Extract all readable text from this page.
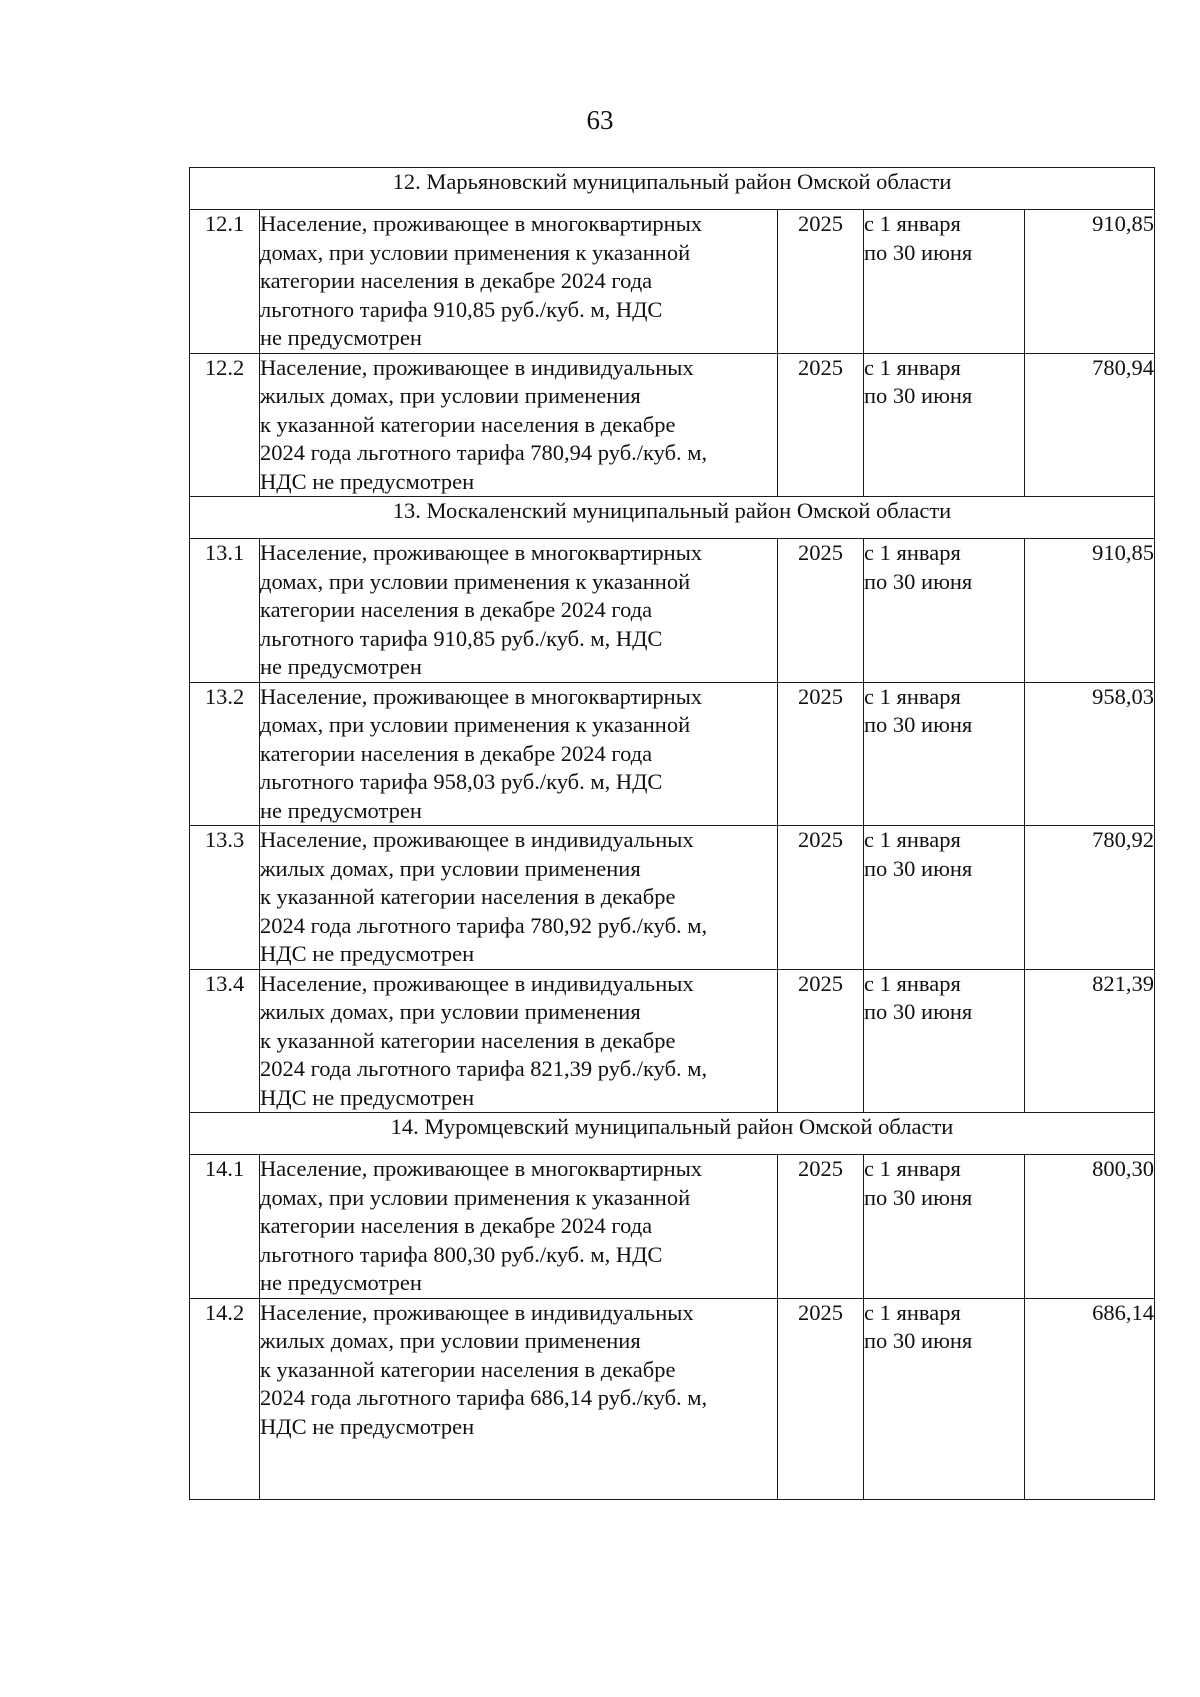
63
12. Марьяновский муниципальный район Омской области				
12.1	Население, проживающее в многоквартирных
домах, при условии применения к указанной
категории населения в декабре 2024 года
льготного тарифа 910,85 руб./куб. м, НДС
не предусмотрен	2025	с 1 января
по 30 июня	910,85
12.2	Население, проживающее в индивидуальных
жилых домах, при условии применения
к указанной категории населения в декабре
2024 года льготного тарифа 780,94 руб./куб. м,
НДС не предусмотрен	2025	с 1 января
по 30 июня	780,94
13. Москаленский муниципальный район Омской области				
13.1	Население, проживающее в многоквартирных
домах, при условии применения к указанной
категории населения в декабре 2024 года
льготного тарифа 910,85 руб./куб. м, НДС
не предусмотрен	2025	с 1 января
по 30 июня	910,85
13.2	Население, проживающее в многоквартирных
домах, при условии применения к указанной
категории населения в декабре 2024 года
льготного тарифа 958,03 руб./куб. м, НДС
не предусмотрен	2025	с 1 января
по 30 июня	958,03
13.3	Население, проживающее в индивидуальных
жилых домах, при условии применения
к указанной категории населения в декабре
2024 года льготного тарифа 780,92 руб./куб. м,
НДС не предусмотрен	2025	с 1 января
по 30 июня	780,92
13.4	Население, проживающее в индивидуальных
жилых домах, при условии применения
к указанной категории населения в декабре
2024 года льготного тарифа 821,39 руб./куб. м,
НДС не предусмотрен	2025	с 1 января
по 30 июня	821,39
14. Муромцевский муниципальный район Омской области				
14.1	Население, проживающее в многоквартирных
домах, при условии применения к указанной
категории населения в декабре 2024 года
льготного тарифа 800,30 руб./куб. м, НДС
не предусмотрен	2025	с 1 января
по 30 июня	800,30
14.2	Население, проживающее в индивидуальных
жилых домах, при условии применения
к указанной категории населения в декабре
2024 года льготного тарифа 686,14 руб./куб. м,
НДС не предусмотрен	2025	с 1 января
по 30 июня	686,14
